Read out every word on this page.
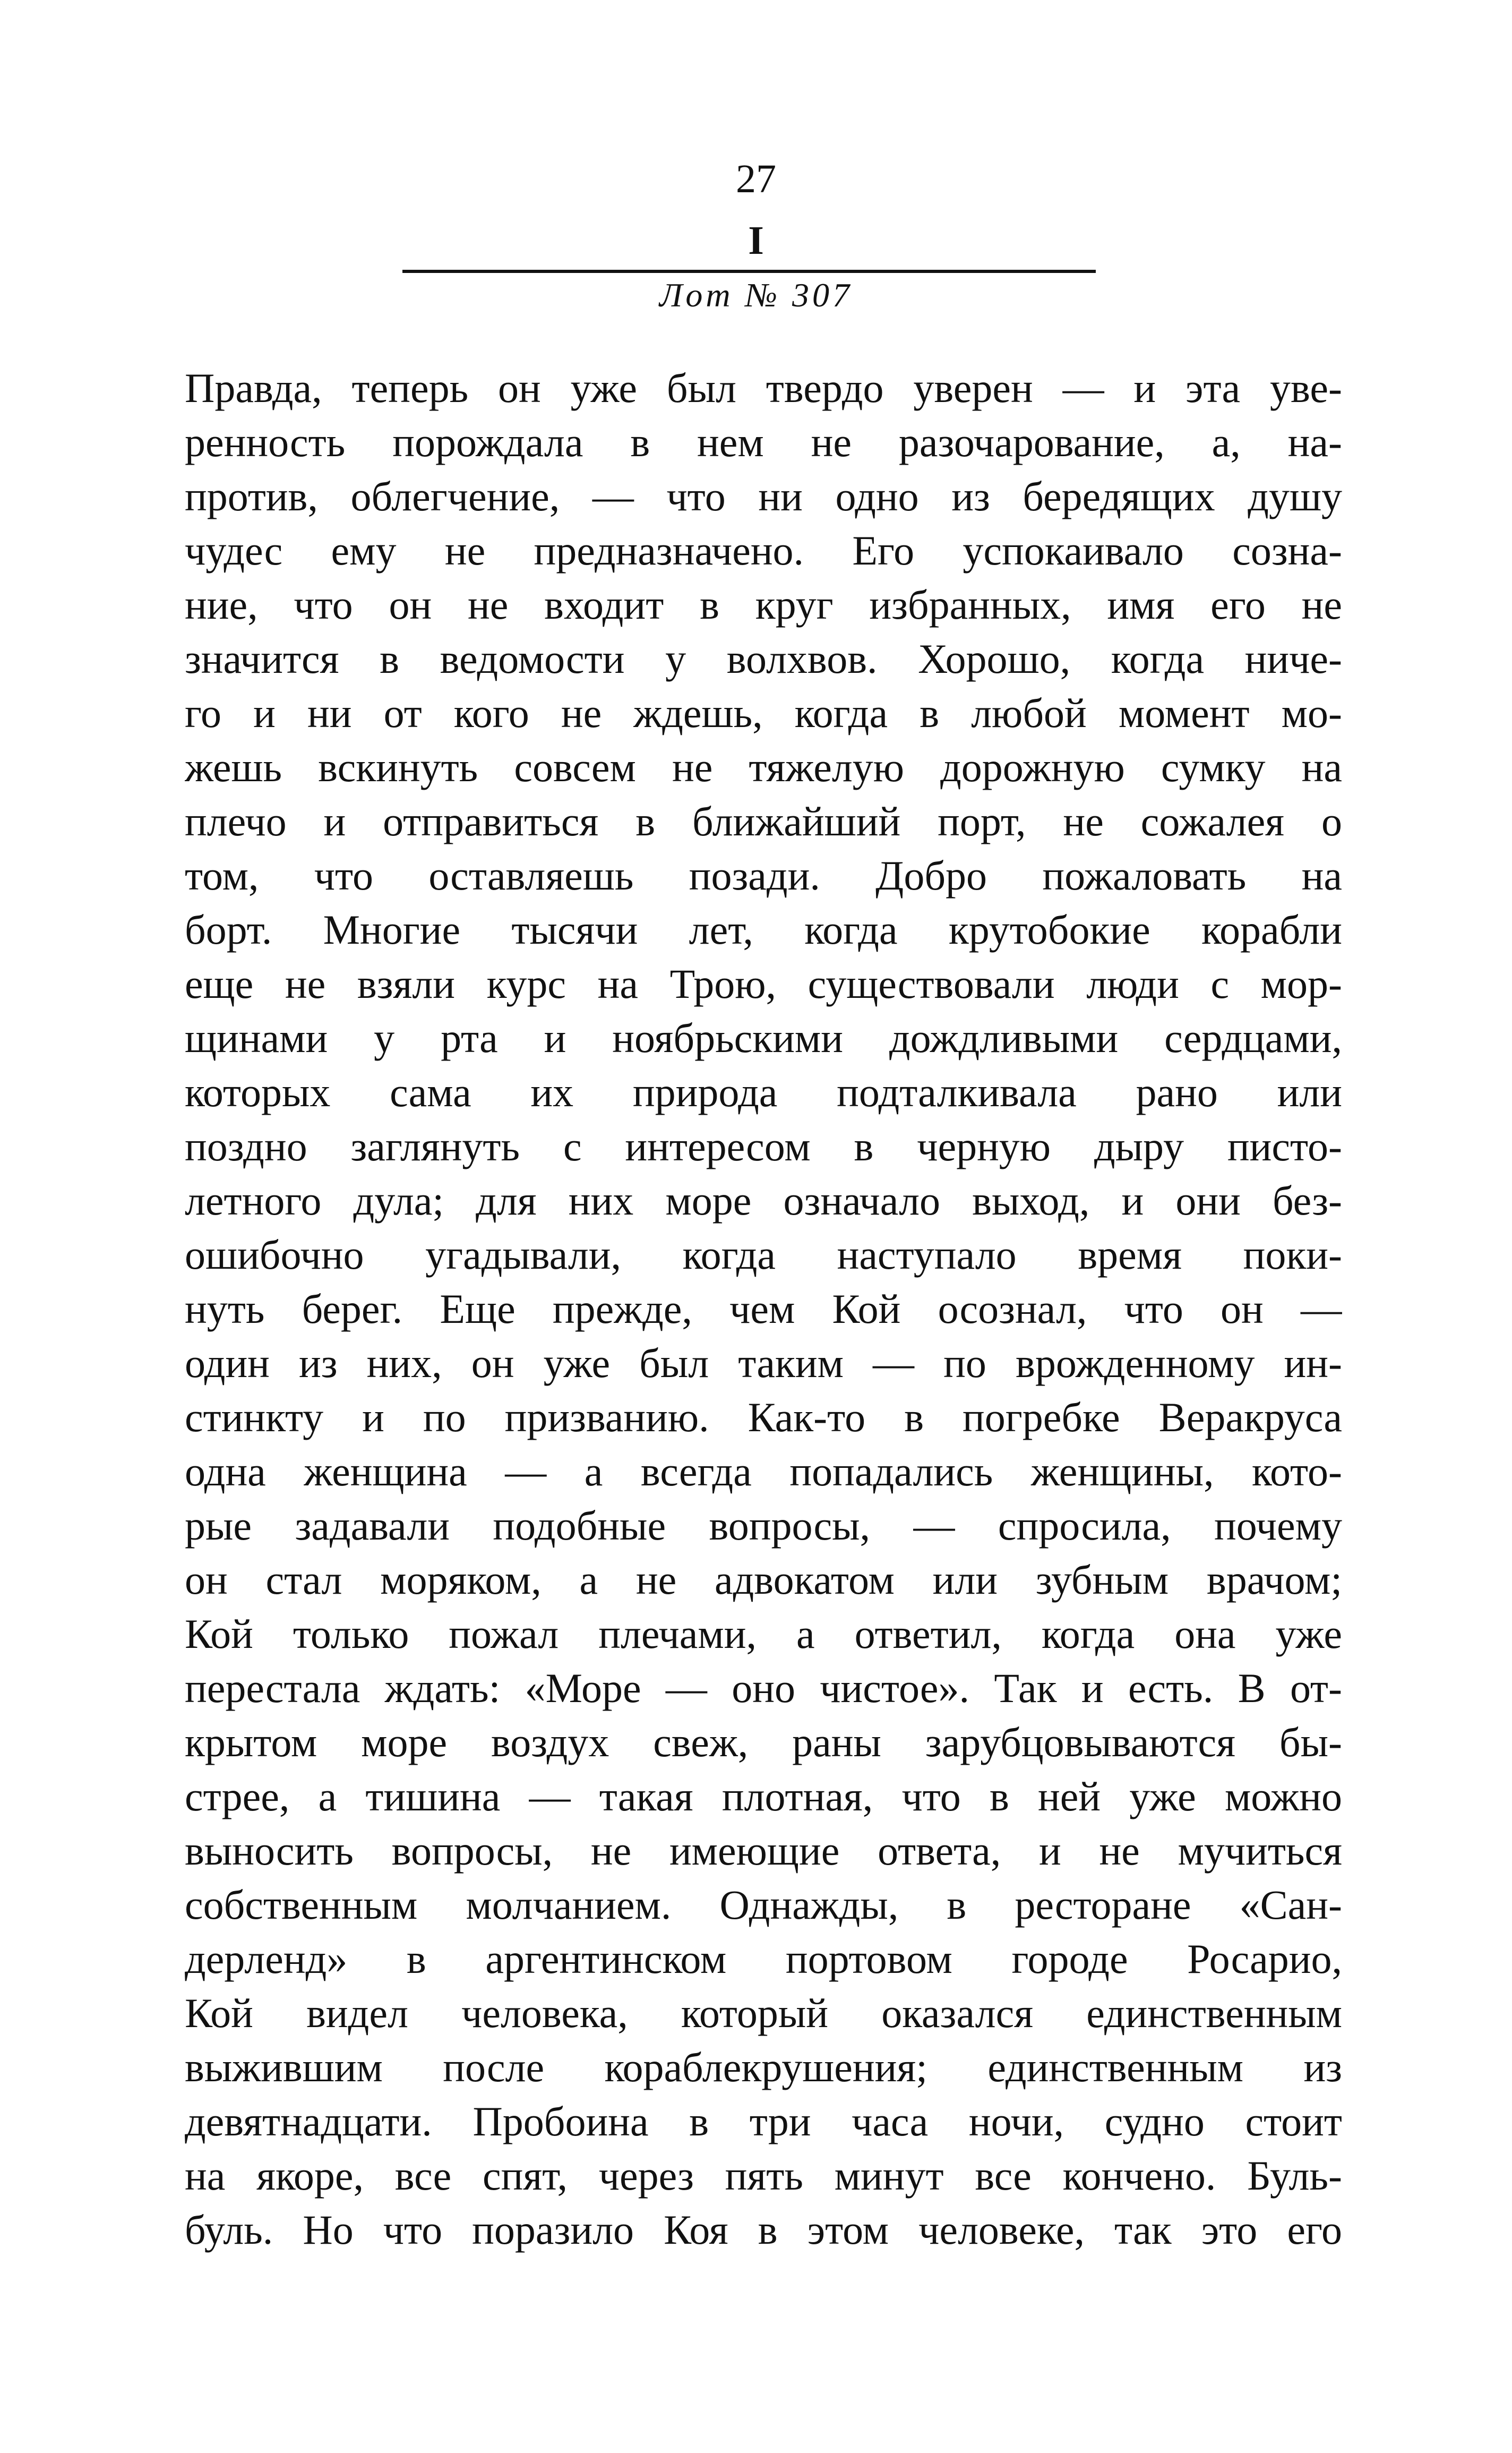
27
I
Лот № 307
Правда, теперь он уже был твердо уверен — и эта уве-
ренность порождала в нем не разочарование, а, на-
против, облегчение, — что ни одно из бередящих душу
чудес ему не предназначено. Его успокаивало созна-
ние, что он не входит в круг избранных, имя его не
значится в ведомости у волхвов. Хорошо, когда ниче-
го и ни от кого не ждешь, когда в любой момент мо-
жешь вскинуть совсем не тяжелую дорожную сумку на
плечо и отправиться в ближайший порт, не сожалея о
том, что оставляешь позади. Добро пожаловать на
борт. Многие тысячи лет, когда крутобокие корабли
еще не взяли курс на Трою, существовали люди с мор-
щинами у рта и ноябрьскими дождливыми сердцами,
которых сама их природа подталкивала рано или
поздно заглянуть с интересом в черную дыру писто-
летного дула; для них море означало выход, и они без-
ошибочно угадывали, когда наступало время поки-
нуть берег. Еще прежде, чем Кой осознал, что он —
один из них, он уже был таким — по врожденному ин-
стинкту и по призванию. Как-то в погребке Веракруса
одна женщина — а всегда попадались женщины, кото-
рые задавали подобные вопросы, — спросила, почему
он стал моряком, а не адвокатом или зубным врачом;
Кой только пожал плечами, а ответил, когда она уже
перестала ждать: «Море — оно чистое». Так и есть. В от-
крытом море воздух свеж, раны зарубцовываются бы-
стрее, а тишина — такая плотная, что в ней уже можно
выносить вопросы, не имеющие ответа, и не мучиться
собственным молчанием. Однажды, в ресторане «Сан-
дерленд» в аргентинском портовом городе Росарио,
Кой видел человека, который оказался единственным
выжившим после кораблекрушения; единственным из
девятнадцати. Пробоина в три часа ночи, судно стоит
на якоре, все спят, через пять минут все кончено. Буль-
буль. Но что поразило Коя в этом человеке, так это его
